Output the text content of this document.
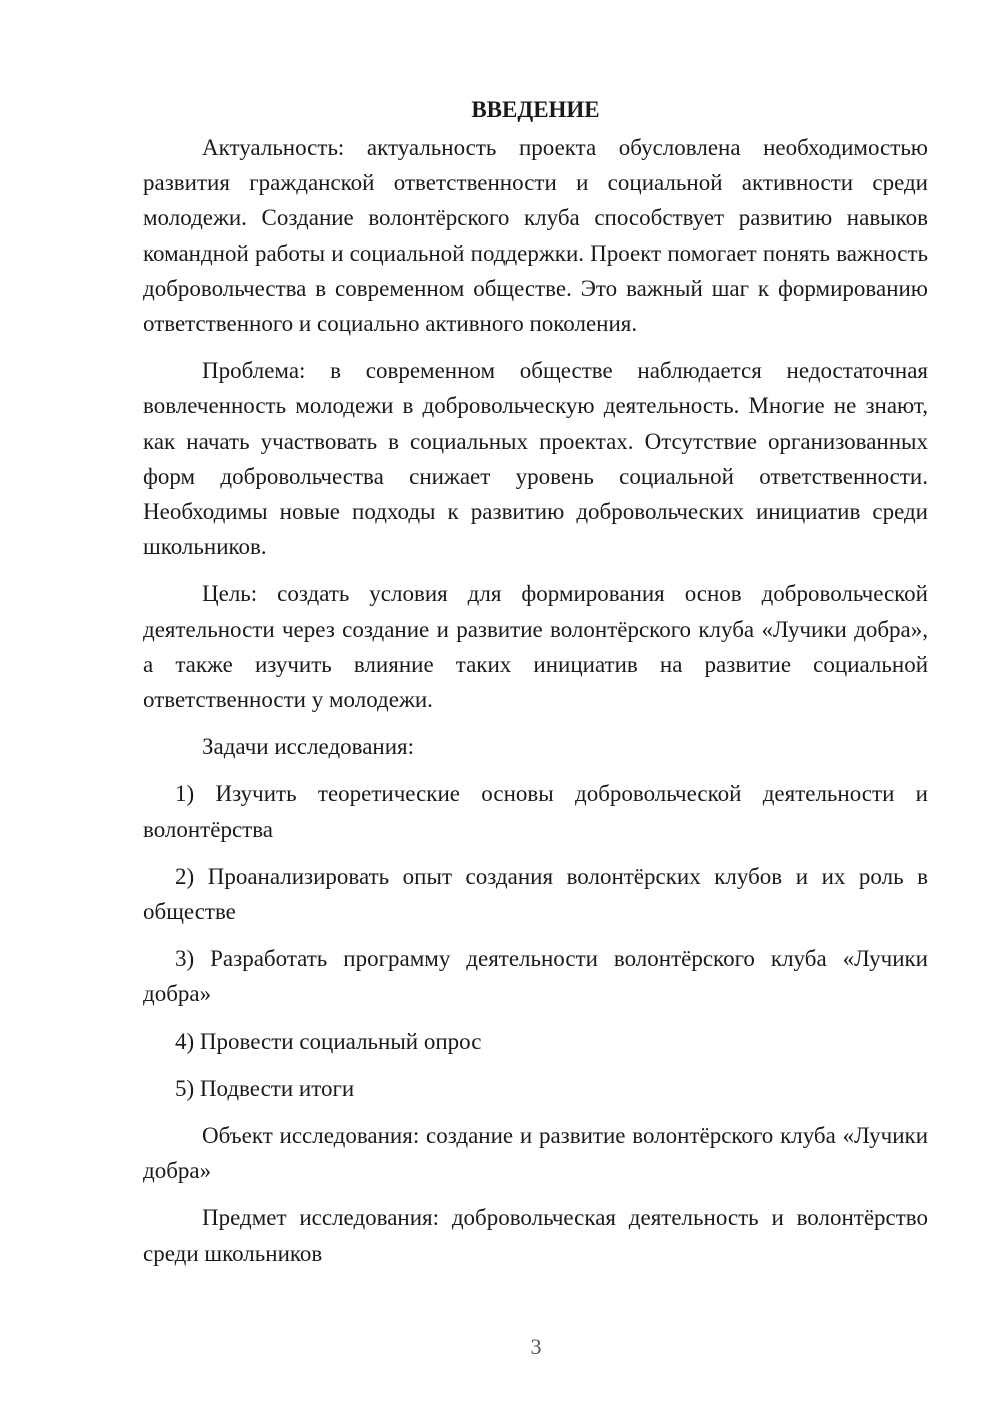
ВВЕДЕНИЕ

Актуальность: актуальность проекта обусловлена необходимостью развития гражданской ответственности и социальной активности среди молодежи. Создание волонтёрского клуба способствует развитию навыков командной работы и социальной поддержки. Проект помогает понять важность добровольчества в современном обществе. Это важный шаг к формированию ответственного и социально активного поколения.

Проблема: в современном обществе наблюдается недостаточная вовлеченность молодежи в добровольческую деятельность. Многие не знают, как начать участвовать в социальных проектах. Отсутствие организованных форм добровольчества снижает уровень социальной ответственности. Необходимы новые подходы к развитию добровольческих инициатив среди школьников.

Цель: создать условия для формирования основ добровольческой деятельности через создание и развитие волонтёрского клуба «Лучики добра», а также изучить влияние таких инициатив на развитие социальной ответственности у молодежи.

Задачи исследования:

1) Изучить теоретические основы добровольческой деятельности и волонтёрства

2) Проанализировать опыт создания волонтёрских клубов и их роль в обществе

3) Разработать программу деятельности волонтёрского клуба «Лучики добра»

4) Провести социальный опрос

5) Подвести итоги

Объект исследования: создание и развитие волонтёрского клуба «Лучики добра»

Предмет исследования: добровольческая деятельность и волонтёрство среди школьников

3
